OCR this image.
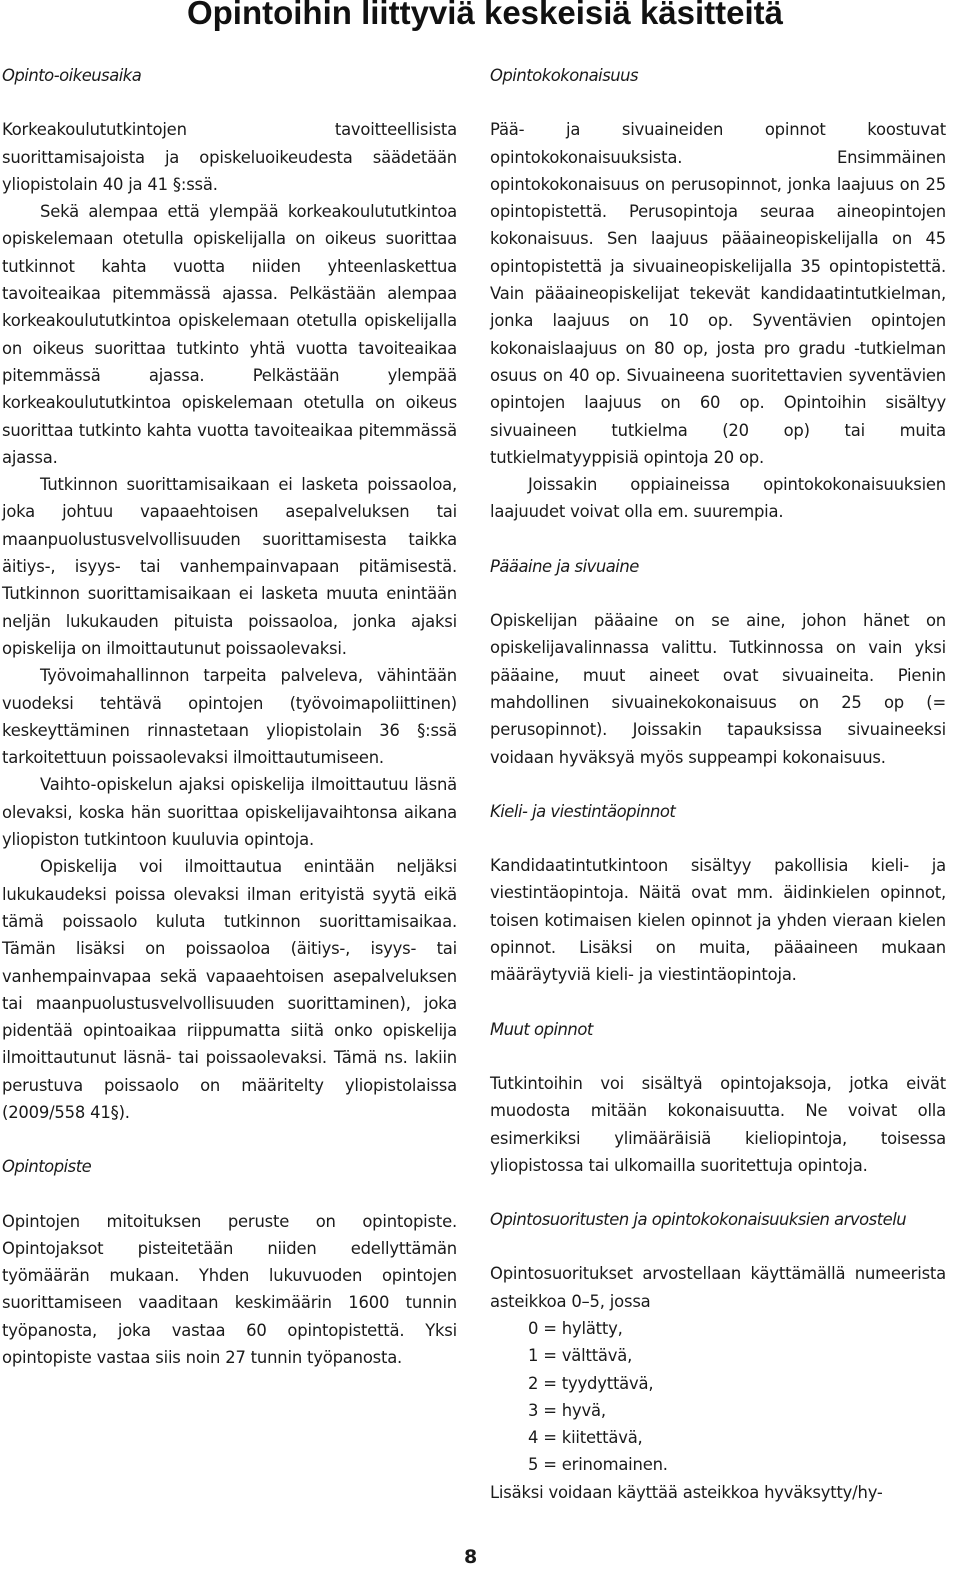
Opintoihin liittyviä keskeisiä käsitteitä
Opinto-oikeusaika

Korkeakoulututkintojen tavoitteellisista suorittamisajoista ja opiskeluoikeudesta säädetään yliopistolain 40 ja 41 §:ssä.

Sekä alempaa että ylempää korkeakoulututkintoa opiskelemaan otetulla opiskelijalla on oikeus suorittaa tutkinnot kahta vuotta niiden yhteenlaskettua tavoiteaikaa pitemmässä ajassa. Pelkästään alempaa korkeakoulututkintoa opiskelemaan otetulla opiskelijalla on oikeus suorittaa tutkinto yhtä vuotta tavoiteaikaa pitemmässä ajassa. Pelkästään ylempää korkeakoulututkintoa opiskelemaan otetulla on oikeus suorittaa tutkinto kahta vuotta tavoiteaikaa pitemmässä ajassa.

Tutkinnon suorittamisaikaan ei lasketa poissaoloa, joka johtuu vapaaehtoisen asepalveluksen tai maanpuolustusvelvollisuuden suorittamisesta taikka äitiys-, isyys- tai vanhempainvapaan pitämisestä. Tutkinnon suorittamisaikaan ei lasketa muuta enintään neljän lukukauden pituista poissaoloa, jonka ajaksi opiskelija on ilmoittautunut poissaolevaksi.

Työvoimahallinnon tarpeita palveleva, vähintään vuodeksi tehtävä opintojen (työvoimapoliittinen) keskeyttäminen rinnastetaan yliopistolain 36 §:ssä tarkoitettuun poissaolevaksi ilmoittautumiseen.

Vaihto-opiskelun ajaksi opiskelija ilmoittautuu läsnä olevaksi, koska hän suorittaa opiskelijavaihtonsa aikana yliopiston tutkintoon kuuluvia opintoja.

Opiskelija voi ilmoittautua enintään neljäksi lukukaudeksi poissa olevaksi ilman erityistä syytä eikä tämä poissaolo kuluta tutkinnon suorittamisaikaa. Tämän lisäksi on poissaoloa (äitiys-, isyys- tai vanhempainvapaa sekä vapaaehtoisen asepalveluksen tai maanpuolustusvelvollisuuden suorittaminen), joka pidentää opintoaikaa riippumatta siitä onko opiskelija ilmoittautunut läsnä- tai poissaolevaksi. Tämä ns. lakiin perustuva poissaolo on määritelty yliopistolaissa (2009/558 41§).

Opintopiste

Opintojen mitoituksen peruste on opintopiste. Opintojaksot pisteitetään niiden edellyttämän työmäärän mukaan. Yhden lukuvuoden opintojen suorittamiseen vaaditaan keskimäärin 1600 tunnin työpanosta, joka vastaa 60 opintopistettä. Yksi opintopiste vastaa siis noin 27 tunnin työpanosta.

Opintokokonaisuus

Pää- ja sivuaineiden opinnot koostuvat opintokokonaisuuksista. Ensimmäinen opintokokonaisuus on perusopinnot, jonka laajuus on 25 opintopistettä. Perusopintoja seuraa aineopintojen kokonaisuus. Sen laajuus pääaineopiskelijalla on 45 opintopistettä ja sivuaineopiskelijalla 35 opintopistettä. Vain pääaineopiskelijat tekevät kandidaatintutkielman, jonka laajuus on 10 op. Syventävien opintojen kokonaislaajuus on 80 op, josta pro gradu -tutkielman osuus on 40 op. Sivuaineena suoritettavien syventävien opintojen laajuus on 60 op. Opintoihin sisältyy sivuaineen tutkielma (20 op) tai muita tutkielmatyyppisiä opintoja 20 op.

Joissakin oppiaineissa opintokokonaisuuksien laajuudet voivat olla em. suurempia.

Pääaine ja sivuaine

Opiskelijan pääaine on se aine, johon hänet on opiskelijavalinnassa valittu. Tutkinnossa on vain yksi pääaine, muut aineet ovat sivuaineita. Pienin mahdollinen sivuainekokonaisuus on 25 op (= perusopinnot). Joissakin tapauksissa sivuaineeksi voidaan hyväksyä myös suppeampi kokonaisuus.

Kieli- ja viestintäopinnot

Kandidaatintutkintoon sisältyy pakollisia kieli- ja viestintäopintoja. Näitä ovat mm. äidinkielen opinnot, toisen kotimaisen kielen opinnot ja yhden vieraan kielen opinnot. Lisäksi on muita, pääaineen mukaan määräytyviä kieli- ja viestintäopintoja.

Muut opinnot

Tutkintoihin voi sisältyä opintojaksoja, jotka eivät muodosta mitään kokonaisuutta. Ne voivat olla esimerkiksi ylimääräisiä kieliopintoja, toisessa yliopistossa tai ulkomailla suoritettuja opintoja.

Opintosuoritusten ja opintokokonaisuuksien arvostelu

Opintosuoritukset arvostellaan käyttämällä numeerista asteikkoa 0–5, jossa

0 = hylätty,
1 = välttävä,
2 = tyydyttävä,
3 = hyvä,
4 = kiitettävä,
5 = erinomainen.

Lisäksi voidaan käyttää asteikkoa hyväksytty/hy-

8
